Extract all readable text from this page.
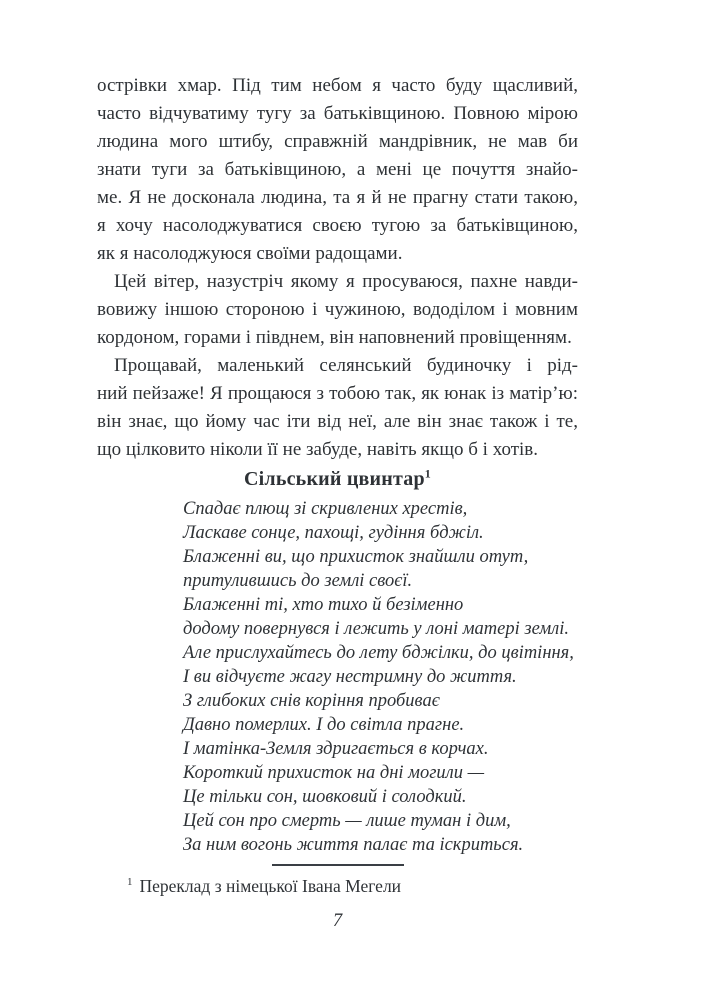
острівки хмар. Під тим небом я часто буду щасливий,
часто відчуватиму тугу за батьківщиною. Повною мірою
людина мого штибу, справжній мандрівник, не мав би
знати туги за батьківщиною, а мені це почуття знайо-
ме. Я не досконала людина, та я й не прагну стати такою,
я хочу насолоджуватися своєю тугою за батьківщиною,
як я насолоджуюся своїми радощами.
Цей вітер, назустріч якому я просуваюся, пахне навди-
вовижу іншою стороною і чужиною, вододілом і мовним
кордоном, горами і півднем, він наповнений провіщенням.
Прощавай, маленький селянський будиночку і рід-
ний пейзаже! Я прощаюся з тобою так, як юнак із матір’ю:
він знає, що йому час іти від неї, але він знає також і те,
що цілковито ніколи її не забуде, навіть якщо б і хотів.
Сільський цвинтар$^1$
Спадає плющ зі скривлених хрестів,
Ласкаве сонце, пахощі, гудіння бджіл.
Блаженні ви, що прихисток знайшли отут,
притулившись до землі своєї.
Блаженні ті, хто тихо й безіменно
додому повернувся і лежить у лоні матері землі.
Але прислухайтесь до лету бджілки, до цвітіння,
І ви відчуєте жагу нестримну до життя.
З глибоких снів коріння пробиває
Давно померлих. І до світла прагне.
І матінка-Земля здригається в корчах.
Короткий прихисток на дні могили —
Це тільки сон, шовковий і солодкий.
Цей сон про смерть — лише туман і дим,
За ним вогонь життя палає та іскриться.
$^1$ Переклад з німецької Івана Мегели
7
